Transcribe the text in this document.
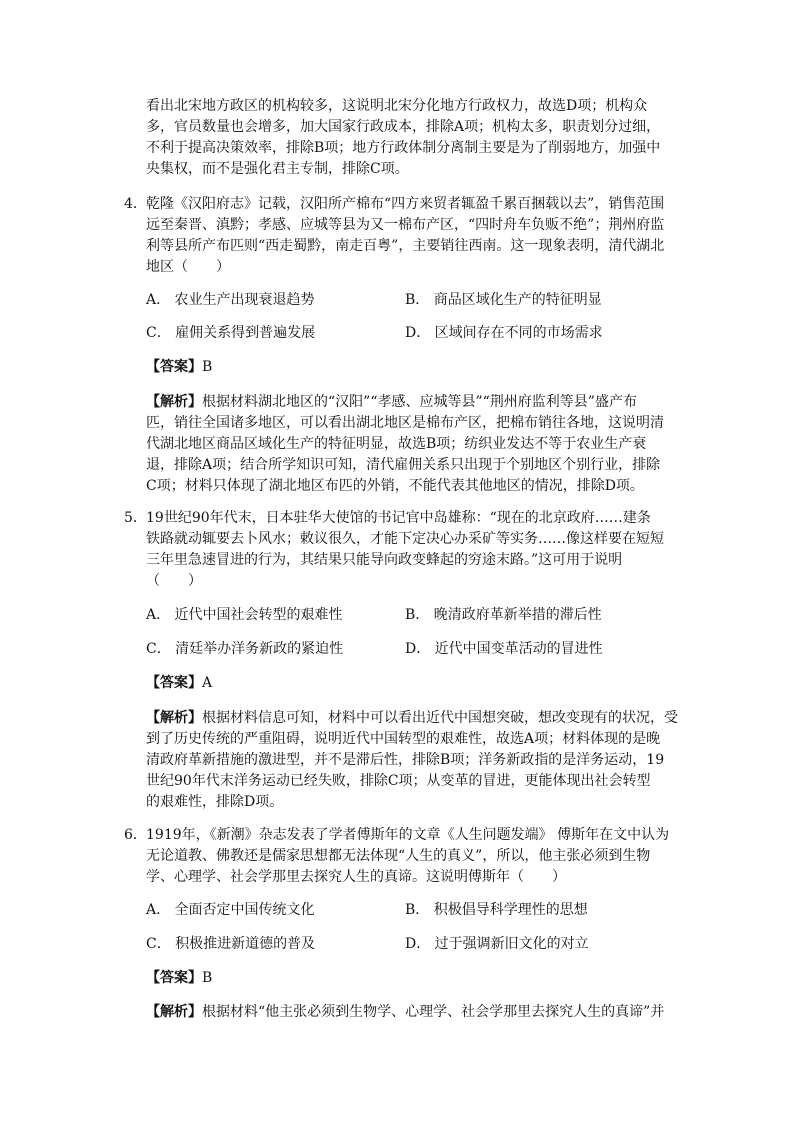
看出北宋地方政区的机构较多，这说明北宋分化地方行政权力，故选D项；机构众
多，官员数量也会增多，加大国家行政成本，排除A项；机构太多，职责划分过细，
不利于提高决策效率，排除B项；地方行政体制分离制主要是为了削弱地方，加强中
央集权，而不是强化君主专制，排除C项。
4． 乾隆《汉阳府志》记载，汉阳所产棉布“四方来贸者辄盈千累百捆载以去”，销售范围
远至秦晋、滇黔；孝感、应城等县为又一棉布产区，“四时舟车负贩不绝”；荆州府监
利等县所产布匹则“西走蜀黔，南走百粤”，主要销往西南。这一现象表明，清代湖北
地区（　　）
A． 农业生产出现衰退趋势	B． 商品区域化生产的特征明显
C． 雇佣关系得到普遍发展	D． 区域间存在不同的市场需求
【答案】B
【解析】根据材料湖北地区的“汉阳”“孝感、应城等县”“荆州府监利等县”盛产布
匹，销往全国诸多地区，可以看出湖北地区是棉布产区，把棉布销往各地，这说明清
代湖北地区商品区域化生产的特征明显，故选B项；纺织业发达不等于农业生产衰
退，排除A项；结合所学知识可知，清代雇佣关系只出现于个别地区个别行业，排除
C项；材料只体现了湖北地区布匹的外销，不能代表其他地区的情况，排除D项。
5． 19世纪90年代末，日本驻华大使馆的书记官中岛雄称：“现在的北京政府……建条
铁路就动辄要去卜风水；敕议很久，才能下定决心办采矿等实务……像这样要在短短
三年里急速冒进的行为，其结果只能导向政变蜂起的穷途末路。”这可用于说明
（　　）
A． 近代中国社会转型的艰难性	B． 晚清政府革新举措的滞后性
C． 清廷举办洋务新政的紧迫性	D． 近代中国变革活动的冒进性
【答案】A
【解析】根据材料信息可知，材料中可以看出近代中国想突破，想改变现有的状况，受
到了历史传统的严重阻碍，说明近代中国转型的艰难性，故选A项；材料体现的是晚
清政府革新措施的激进型，并不是滞后性，排除B项；洋务新政指的是洋务运动，19
世纪90年代末洋务运动已经失败，排除C项；从变革的冒进，更能体现出社会转型
的艰难性，排除D项。
6． 1919年，《新潮》杂志发表了学者傅斯年的文章《人生问题发端》 傅斯年在文中认为
无论道教、佛教还是儒家思想都无法体现“人生的真义”，所以，他主张必须到生物
学、心理学、社会学那里去探究人生的真谛。这说明傅斯年（　　）
A． 全面否定中国传统文化	B． 积极倡导科学理性的思想
C． 积极推进新道德的普及	D． 过于强调新旧文化的对立
【答案】B
【解析】根据材料“他主张必须到生物学、心理学、社会学那里去探究人生的真谛”并
